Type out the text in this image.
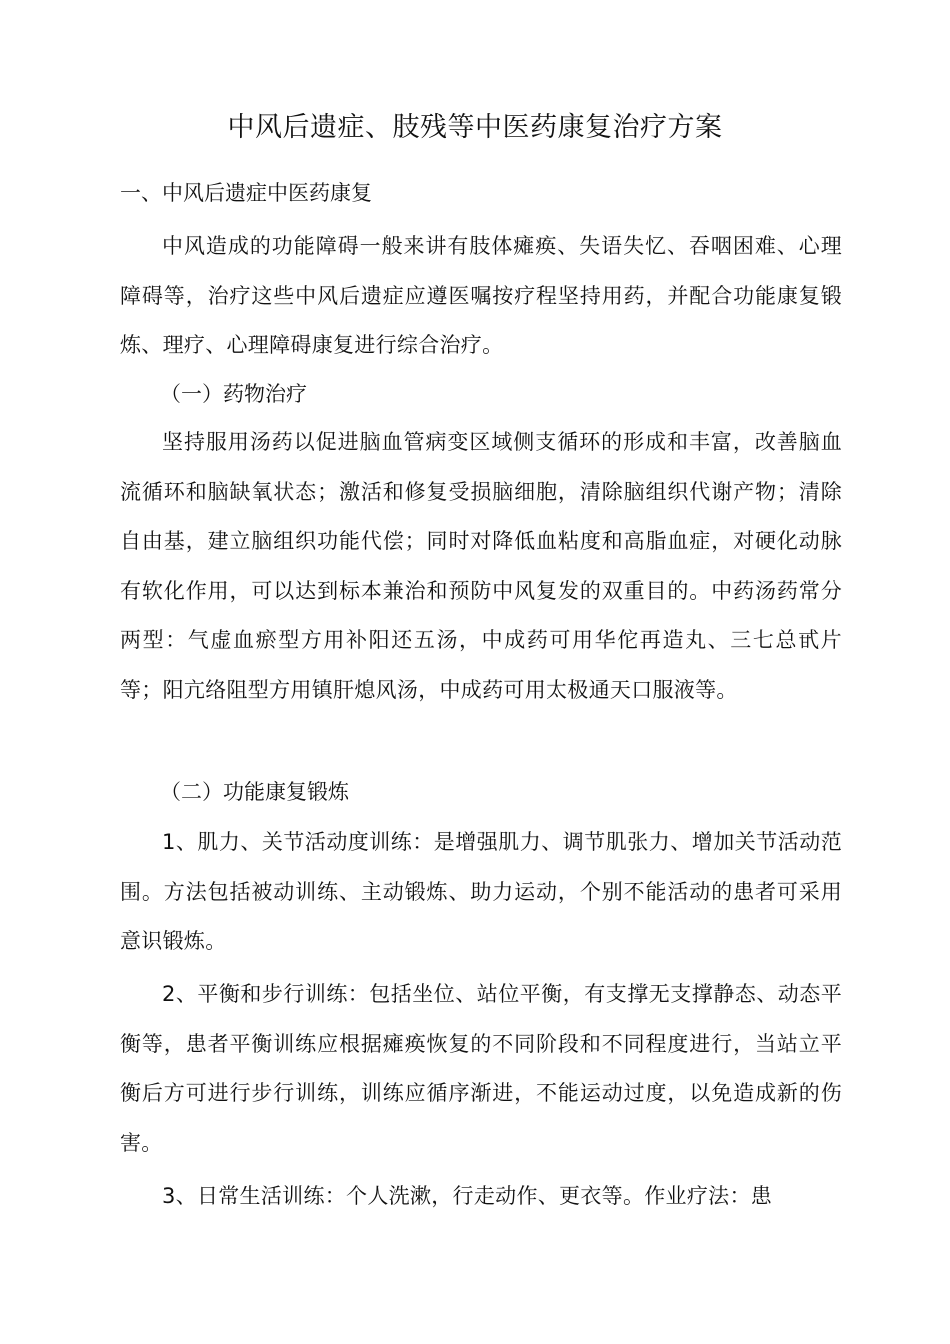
中风后遗症、肢残等中医药康复治疗方案
一、中风后遗症中医药康复

中风造成的功能障碍一般来讲有肢体瘫痪、失语失忆、吞咽困难、心理障碍等，治疗这些中风后遗症应遵医嘱按疗程坚持用药，并配合功能康复锻炼、理疗、心理障碍康复进行综合治疗。

（一）药物治疗

坚持服用汤药以促进脑血管病变区域侧支循环的形成和丰富，改善脑血流循环和脑缺氧状态；激活和修复受损脑细胞，清除脑组织代谢产物；清除自由基，建立脑组织功能代偿；同时对降低血粘度和高脂血症，对硬化动脉有软化作用，可以达到标本兼治和预防中风复发的双重目的。中药汤药常分两型：气虚血瘀型方用补阳还五汤，中成药可用华佗再造丸、三七总甙片等；阳亢络阻型方用镇肝熄风汤，中成药可用太极通天口服液等。

（二）功能康复锻炼

1、肌力、关节活动度训练：是增强肌力、调节肌张力、增加关节活动范围。方法包括被动训练、主动锻炼、助力运动，个别不能活动的患者可采用意识锻炼。

2、平衡和步行训练：包括坐位、站位平衡，有支撑无支撑静态、动态平衡等，患者平衡训练应根据瘫痪恢复的不同阶段和不同程度进行，当站立平衡后方可进行步行训练，训练应循序渐进，不能运动过度，以免造成新的伤害。

3、日常生活训练：个人洗漱，行走动作、更衣等。作业疗法：患
